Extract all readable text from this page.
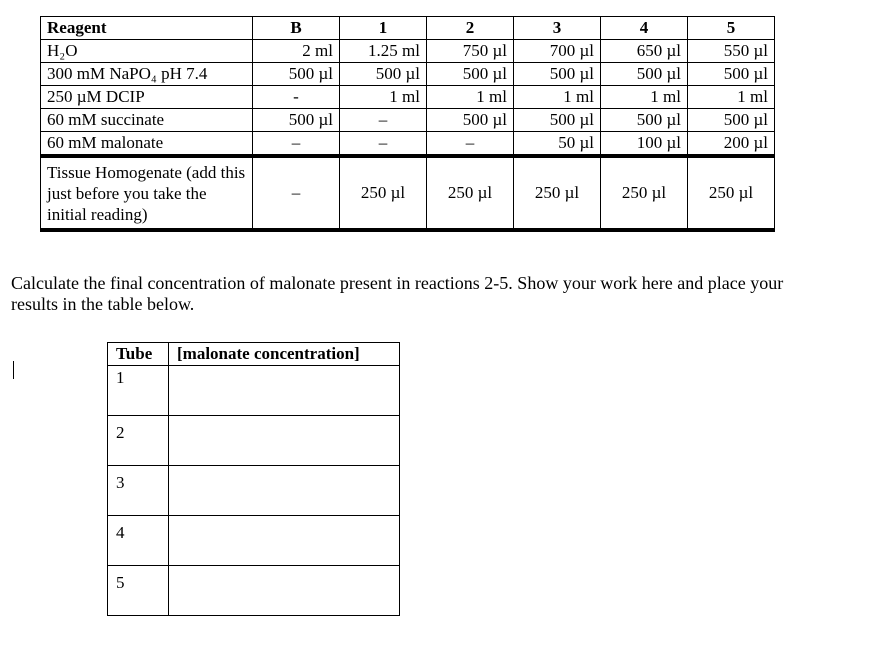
Reagent	B	1	2	3	4	5
H₂O	2 ml	1.25 ml	750 µl	700 µl	650 µl	550 µl
300 mM NaPO₄ pH 7.4	500 µl	500 µl	500 µl	500 µl	500 µl	500 µl
250 µM DCIP	-	1 ml	1 ml	1 ml	1 ml	1 ml
60 mM succinate	500 µl	–	500 µl	500 µl	500 µl	500 µl
60 mM malonate	–	–	–	50 µl	100 µl	200 µl
Tissue Homogenate (add this just before you take the initial reading)	–	250 µl	250 µl	250 µl	250 µl	250 µl
Calculate the final concentration of malonate present in reactions 2-5. Show your work here and place your results in the table below.
Tube	[malonate concentration]
1	
2	
3	
4	
5	
